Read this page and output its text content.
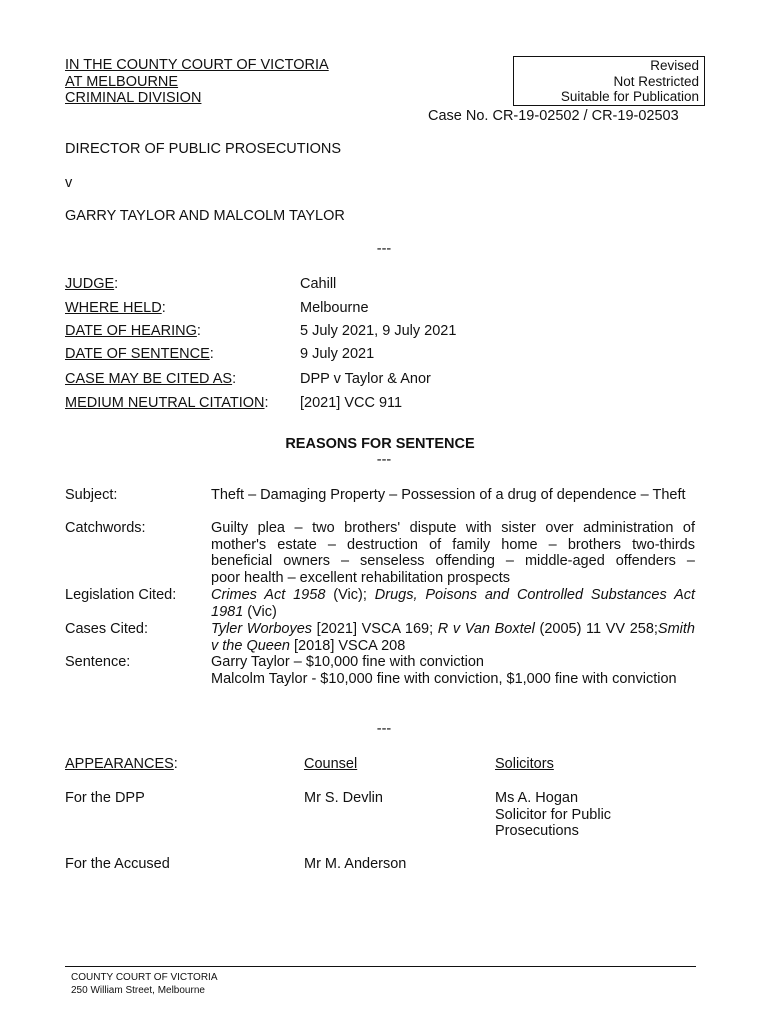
IN THE COUNTY COURT OF VICTORIA
AT MELBOURNE
CRIMINAL DIVISION
Revised
Not Restricted
Suitable for Publication
Case No. CR-19-02502 / CR-19-02503
DIRECTOR OF PUBLIC PROSECUTIONS
v
GARRY TAYLOR AND MALCOLM TAYLOR
---
JUDGE:	Cahill
WHERE HELD:	Melbourne
DATE OF HEARING:	5 July 2021, 9 July 2021
DATE OF SENTENCE:	9 July 2021
CASE MAY BE CITED AS:	DPP v Taylor & Anor
MEDIUM NEUTRAL CITATION: [2021] VCC 911
REASONS FOR SENTENCE
---
Subject:	Theft – Damaging Property – Possession of a drug of dependence – Theft
Catchwords:	Guilty plea – two brothers' dispute with sister over administration of
mother's estate – destruction of family home – brothers two-thirds
beneficial owners – senseless offending – middle-aged offenders –
poor health – excellent rehabilitation prospects
Legislation Cited: Crimes Act 1958 (Vic); Drugs, Poisons and Controlled Substances Act 1981 (Vic)
Cases Cited:	Tyler Worboyes [2021] VSCA 169; R v Van Boxtel (2005) 11 VV 258;Smith v the Queen [2018] VSCA 208
Sentence:	Garry Taylor – $10,000 fine with conviction
Malcolm Taylor - $10,000 fine with conviction, $1,000 fine with conviction
---
APPEARANCES:	Counsel	Solicitors
For the DPP	Mr S. Devlin	Ms A. Hogan
Solicitor for Public
Prosecutions
For the Accused	Mr M. Anderson
COUNTY COURT OF VICTORIA
250 William Street, Melbourne
